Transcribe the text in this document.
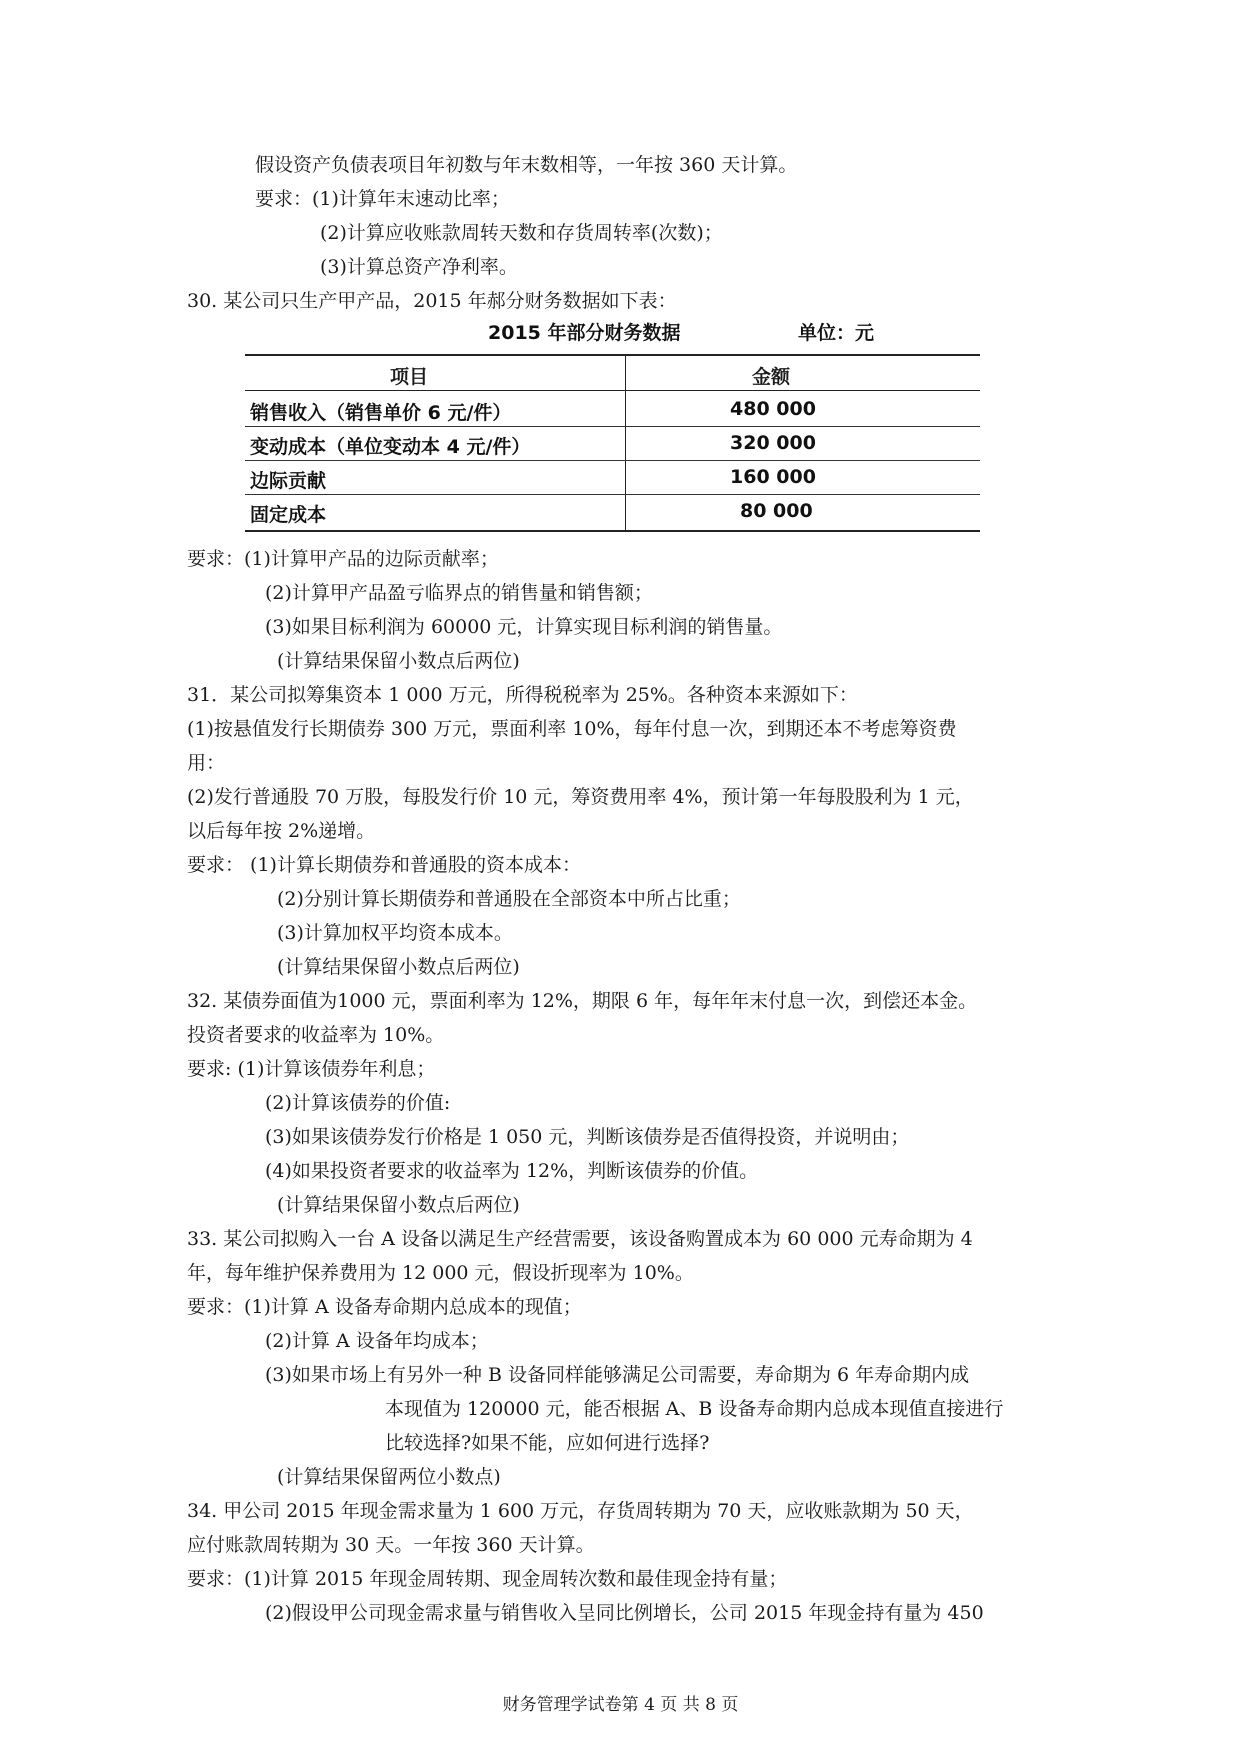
假设资产负债表项目年初数与年末数相等，一年按 360 天计算。
要求：(1)计算年末速动比率；
(2)计算应收账款周转天数和存货周转率(次数)；
(3)计算总资产净利率。
30. 某公司只生产甲产品，2015 年郝分财务数据如下表：
2015 年部分财务数据	单位：元
项目	金额
销售收入（销售单价 6 元/件）	480 000
变动成本（单位变动本 4 元/件）	320 000
边际贡献	160 000
固定成本	80 000
要求：(1)计算甲产品的边际贡献率；
(2)计算甲产品盈亏临界点的销售量和销售额；
(3)如果目标利润为 60000 元，计算实现目标利润的销售量。
(计算结果保留小数点后两位)
31．某公司拟筹集资本 1 000 万元，所得税税率为 25%。各种资本来源如下：
(1)按悬值发行长期债券 300 万元，票面利率 10%，每年付息一次，到期还本不考虑筹资费
用：
(2)发行普通股 70 万股，每股发行价 10 元，筹资费用率 4%，预计第一年每股股利为 1 元，
以后每年按 2%递增。
要求： (1)计算长期债券和普通股的资本成本：
(2)分别计算长期债券和普通股在全部资本中所占比重；
(3)计算加权平均资本成本。
(计算结果保留小数点后两位)
32. 某债券面值为1000 元，票面利率为 12%，期限 6 年，每年年末付息一次，到偿还本金。
投资者要求的收益率为 10%。
要求: (1)计算该债券年利息；
(2)计算该债券的价值:
(3)如果该债券发行价格是 1 050 元，判断该债券是否值得投资，并说明由；
(4)如果投资者要求的收益率为 12%，判断该债券的价值。
(计算结果保留小数点后两位)
33. 某公司拟购入一台 A 设备以满足生产经营需要，该设备购置成本为 60 000 元寿命期为 4
年，每年维护保养费用为 12 000 元，假设折现率为 10%。
要求：(1)计算 A 设备寿命期内总成本的现值；
(2)计算 A 设备年均成本；
(3)如果市场上有另外一种 B 设备同样能够满足公司需要，寿命期为 6 年寿命期内成
本现值为 120000 元，能否根据 A、B 设备寿命期内总成本现值直接进行
比较选择?如果不能，应如何进行选择?
(计算结果保留两位小数点)
34. 甲公司 2015 年现金需求量为 1 600 万元，存货周转期为 70 天，应收账款期为 50 天，
应付账款周转期为 30 天。一年按 360 天计算。
要求：(1)计算 2015 年现金周转期、现金周转次数和最佳现金持有量；
(2)假设甲公司现金需求量与销售收入呈同比例增长，公司 2015 年现金持有量为 450
财务管理学试卷第 4 页 共 8 页
